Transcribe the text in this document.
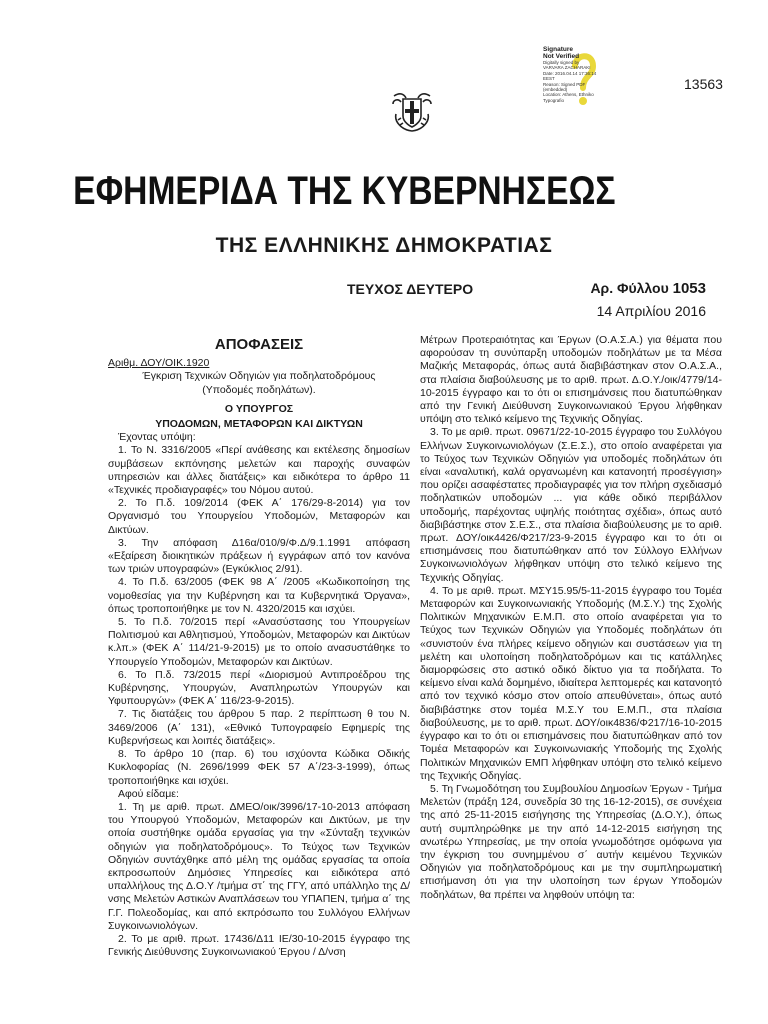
13563
Signature Not Verified
Digitally signed by
VARVARA ZACHARAKI
Date: 2016.04.14 17:36:14
EEST
Reason: Signed PDF
(embedded)
Location: Athens, Ethniko
Typografio
ΕΦΗΜΕΡΙΔΑ ΤΗΣ ΚΥΒΕΡΝΗΣΕΩΣ
ΤΗΣ ΕΛΛΗΝΙΚΗΣ ΔΗΜΟΚΡΑΤΙΑΣ
ΤΕΥΧΟΣ ΔΕΥΤΕΡΟ	Αρ. Φύλλου 1053
14 Απριλίου 2016
ΑΠΟΦΑΣΕΙΣ

Αριθμ. ΔΟΥ/ΟΙΚ.1920

Έγκριση Τεχνικών Οδηγιών για ποδηλατοδρόμους (Υποδομές ποδηλάτων).

Ο ΥΠΟΥΡΓΟΣ

ΥΠΟΔΟΜΩΝ, ΜΕΤΑΦΟΡΩΝ ΚΑΙ ΔΙΚΤΥΩΝ

Έχοντας υπόψη:

1. Το Ν. 3316/2005 «Περί ανάθεσης και εκτέλεσης δημοσίων συμβάσεων εκπόνησης μελετών και παροχής συναφών υπηρεσιών και άλλες διατάξεις» και ειδικότερα το άρθρο 11 «Τεχνικές προδιαγραφές» του Νόμου αυτού.

2. Το Π.δ. 109/2014 (ΦΕΚ Α΄ 176/29-8-2014) για τον Οργανισμό του Υπουργείου Υποδομών, Μεταφορών και Δικτύων.

3. Την απόφαση Δ16α/010/9/Φ.Δ/9.1.1991 απόφαση «Εξαίρεση διοικητικών πράξεων ή εγγράφων από τον κανόνα των τριών υπογραφών» (Εγκύκλιος 2/91).

4. Το Π.δ. 63/2005 (ΦΕΚ 98 Α΄ /2005 «Κωδικοποίηση της νομοθεσίας για την Κυβέρνηση και τα Κυβερνητικά Όργανα», όπως τροποποιήθηκε με τον Ν. 4320/2015 και ισχύει.

5. Το Π.δ. 70/2015 περί «Ανασύστασης του Υπουργείων Πολιτισμού και Αθλητισμού, Υποδομών, Μεταφορών και Δικτύων κ.λπ.» (ΦΕΚ Α΄ 114/21-9-2015) με το οποίο ανασυστάθηκε το Υπουργείο Υποδομών, Μεταφορών και Δικτύων.

6. Το Π.δ. 73/2015 περί «Διορισμού Αντιπροέδρου της Κυβέρνησης, Υπουργών, Αναπληρωτών Υπουργών και Υφυπουργών» (ΦΕΚ Α΄ 116/23-9-2015).

7. Τις διατάξεις του άρθρου 5 παρ. 2 περίπτωση θ του Ν. 3469/2006 (Α΄ 131), «Εθνικό Τυπογραφείο Εφημερίς της Κυβερνήσεως και λοιπές διατάξεις».

8. Το άρθρο 10 (παρ. 6) του ισχύοντα Κώδικα Οδικής Κυκλοφορίας (Ν. 2696/1999 ΦΕΚ 57 Α΄/23-3-1999), όπως τροποποιήθηκε και ισχύει.

Αφού είδαμε:

1. Τη με αριθ. πρωτ. ΔΜΕΟ/οικ/3996/17-10-2013 απόφαση του Υπουργού Υποδομών, Μεταφορών και Δικτύων, με την οποία συστήθηκε ομάδα εργασίας για την «Σύνταξη τεχνικών οδηγιών για ποδηλατοδρόμους». Το Τεύχος των Τεχνικών Οδηγιών συντάχθηκε από μέλη της ομάδας εργασίας τα οποία εκπροσωπούν Δημόσιες Υπηρεσίες και ειδικότερα από υπαλλήλους της Δ.Ο.Υ /τμήμα στ΄ της ΓΓΥ, από υπάλληλο της Δ/νσης Μελετών Αστικών Αναπλάσεων του ΥΠΑΠΕΝ, τμήμα α΄ της Γ.Γ. Πολεοδομίας, και από εκπρόσωπο του Συλλόγου Ελλήνων Συγκοινωνιολόγων.

2. Το με αριθ. πρωτ. 17436/Δ11 ΙΕ/30-10-2015 έγγραφο της Γενικής Διεύθυνσης Συγκοινωνιακού Έργου / Δ/νση

Μέτρων Προτεραιότητας και Έργων (Ο.Α.Σ.Α.) για θέματα που αφορούσαν τη συνύπαρξη υποδομών ποδηλάτων με τα Μέσα Μαζικής Μεταφοράς, όπως αυτά διαβιβάστηκαν στον Ο.Α.Σ.Α., στα πλαίσια διαβούλευσης με το αριθ. πρωτ. Δ.Ο.Υ./οικ/4779/14-10-2015 έγγραφο και το ότι οι επισημάνσεις που διατυπώθηκαν από την Γενική Διεύθυνση Συγκοινωνιακού Έργου λήφθηκαν υπόψη στο τελικό κείμενο της Τεχνικής Οδηγίας.

3. Το με αριθ. πρωτ. 09671/22-10-2015 έγγραφο του Συλλόγου Ελλήνων Συγκοινωνιολόγων (Σ.Ε.Σ.), στο οποίο αναφέρεται για το Τεύχος των Τεχνικών Οδηγιών για υποδομές ποδηλάτων ότι είναι «αναλυτική, καλά οργανωμένη και κατανοητή προσέγγιση» που ορίζει ασαφέστατες προδιαγραφές για τον πλήρη σχεδιασμό ποδηλατικών υποδομών ... για κάθε οδικό περιβάλλον υποδομής, παρέχοντας υψηλής ποιότητας σχέδια», όπως αυτό διαβιβάστηκε στον Σ.Ε.Σ., στα πλαίσια διαβούλευσης με το αριθ. πρωτ. ΔΟΥ/οικ4426/Φ217/23-9-2015 έγγραφο και το ότι οι επισημάνσεις που διατυπώθηκαν από τον Σύλλογο Ελλήνων Συγκοινωνιολόγων λήφθηκαν υπόψη στο τελικό κείμενο της Τεχνικής Οδηγίας.

4. Το με αριθ. πρωτ. ΜΣΥ15.95/5-11-2015 έγγραφο του Τομέα Μεταφορών και Συγκοινωνιακής Υποδομής (Μ.Σ.Υ.) της Σχολής Πολιτικών Μηχανικών Ε.Μ.Π. στο οποίο αναφέρεται για το Τεύχος των Τεχνικών Οδηγιών για Υποδομές ποδηλάτων ότι «συνιστούν ένα πλήρες κείμενο οδηγιών και συστάσεων για τη μελέτη και υλοποίηση ποδηλατοδρόμων και τις κατάλληλες διαμορφώσεις στο αστικό οδικό δίκτυο για τα ποδήλατα. Το κείμενο είναι καλά δομημένο, ιδιαίτερα λεπτομερές και κατανοητό από τον τεχνικό κόσμο στον οποίο απευθύνεται», όπως αυτό διαβιβάστηκε στον τομέα Μ.Σ.Υ του Ε.Μ.Π., στα πλαίσια διαβούλευσης, με το αριθ. πρωτ. ΔΟΥ/οικ4836/Φ217/16-10-2015 έγγραφο και το ότι οι επισημάνσεις που διατυπώθηκαν από τον Τομέα Μεταφορών και Συγκοινωνιακής Υποδομής της Σχολής Πολιτικών Μηχανικών ΕΜΠ λήφθηκαν υπόψη στο τελικό κείμενο της Τεχνικής Οδηγίας.

5. Τη Γνωμοδότηση του Συμβουλίου Δημοσίων Έργων - Τμήμα Μελετών (πράξη 124, συνεδρία 30 της 16-12-2015), σε συνέχεια της από 25-11-2015 εισήγησης της Υπηρεσίας (Δ.Ο.Υ.), όπως αυτή συμπληρώθηκε με την από 14-12-2015 εισήγηση της ανωτέρω Υπηρεσίας, με την οποία γνωμοδότησε ομόφωνα για την έγκριση του συνημμένου σ΄ αυτήν κειμένου Τεχνικών Οδηγιών για ποδηλατοδρόμους και με την συμπληρωματική επισήμανση ότι για την υλοποίηση των έργων Υποδομών ποδηλάτων, θα πρέπει να ληφθούν υπόψη τα:
